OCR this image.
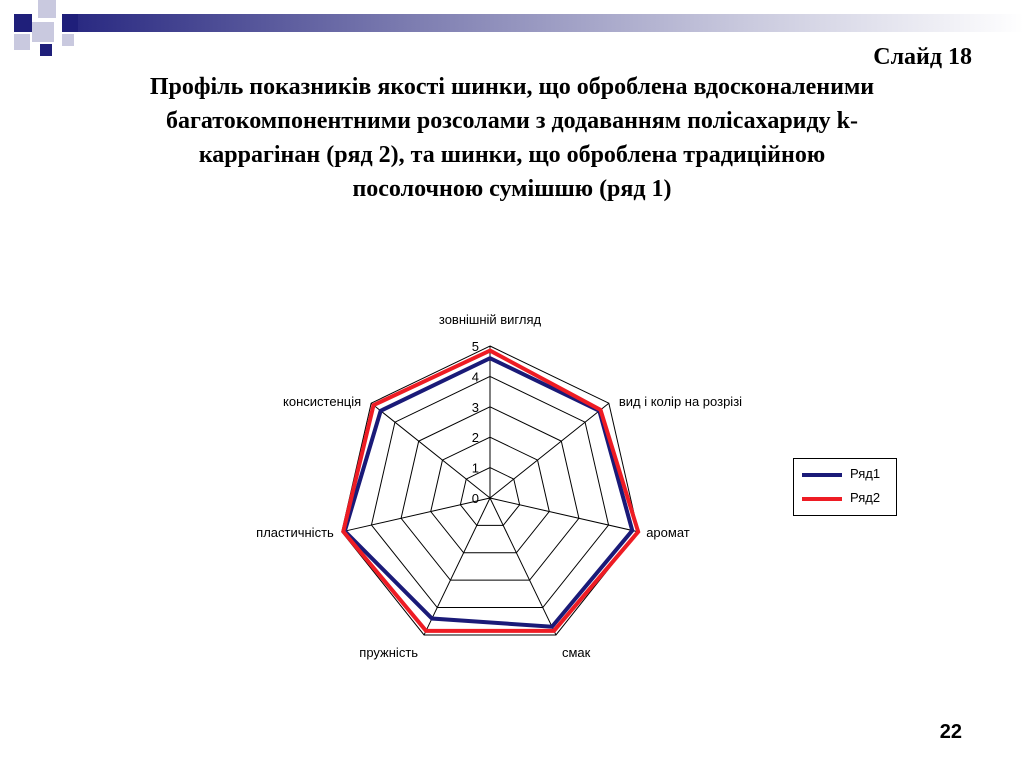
Слайд 18
Профіль показників якості шинки, що оброблена вдосконаленими
багатокомпонентними розсолами з додаванням полісахариду k-
каррагінан (ряд 2), та шинки, що оброблена традиційною
посолочною сумішшю (ряд 1)
0
1
2
3
4
5
зовнішній вигляд
вид і колір на розрізі
аромат
смак
пружність
пластичність
консистенція
Ряд1
Ряд2
22
